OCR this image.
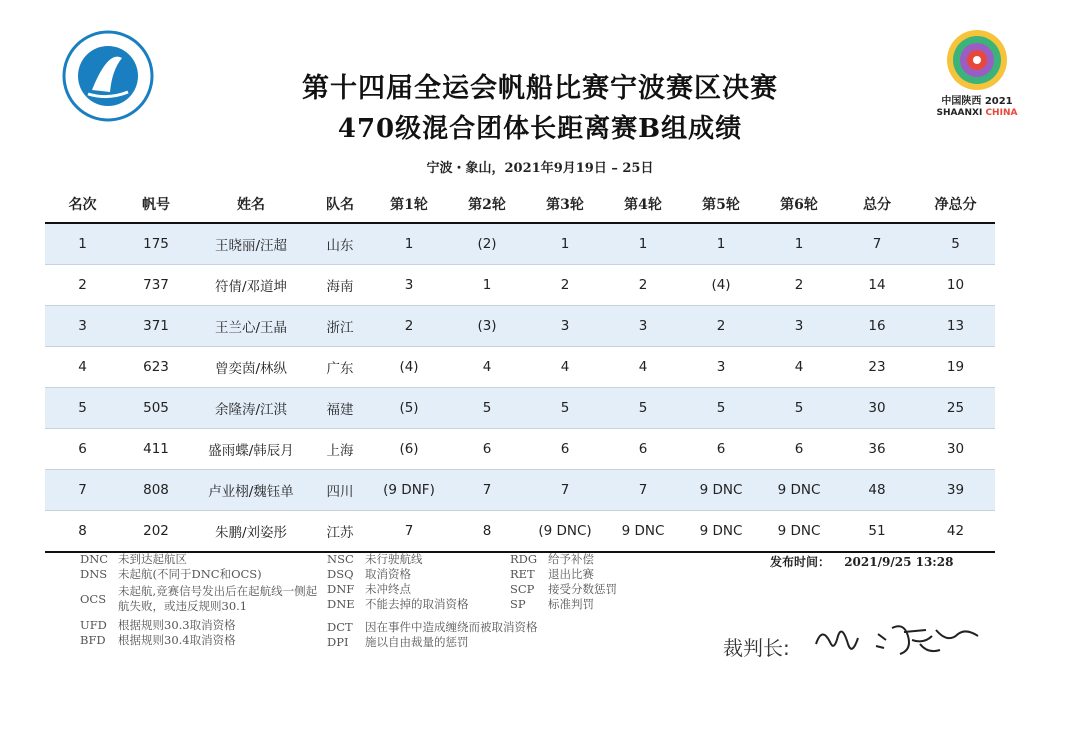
中国陕西 2021
SHAANXI CHINA
第十四届全运会帆船比赛宁波赛区决赛
470级混合团体长距离赛B组成绩
宁波・象山，2021年9月19日 – 25日
名次	帆号	姓名	队名	第1轮	第2轮	第3轮	第4轮	第5轮	第6轮	总分	净总分
1	175	王晓丽/汪超	山东	1	(2)	1	1	1	1	7	5
2	737	符倩/邓道坤	海南	3	1	2	2	(4)	2	14	10
3	371	王兰心/王晶	浙江	2	(3)	3	3	2	3	16	13
4	623	曾奕茵/林纵	广东	(4)	4	4	4	3	4	23	19
5	505	余隆涛/江淇	福建	(5)	5	5	5	5	5	30	25
6	411	盛雨蝶/韩辰月	上海	(6)	6	6	6	6	6	36	30
7	808	卢业栩/魏钰单	四川	(9 DNF)	7	7	7	9 DNC	9 DNC	48	39
8	202	朱鹏/刘姿彤	江苏	7	8	(9 DNC)	9 DNC	9 DNC	9 DNC	51	42
DNC 未到达起航区
DNS 未起航(不同于DNC和OCS)
OCS
未起航,竞赛信号发出后在起航线一侧起航失败，或违反规则30.1
UFD 根据规则30.3取消资格
BFD 根据规则30.4取消资格
NSC 未行驶航线
DSQ 取消资格
DNF 未冲终点
DNE 不能去掉的取消资格
DCT 因在事件中造成缠绕而被取消资格
DPI 施以自由裁量的惩罚
RDG 给予补偿
RET 退出比赛
SCP 接受分数惩罚
SP 标准判罚
发布时间： 2021/9/25 13:28
裁判长:
